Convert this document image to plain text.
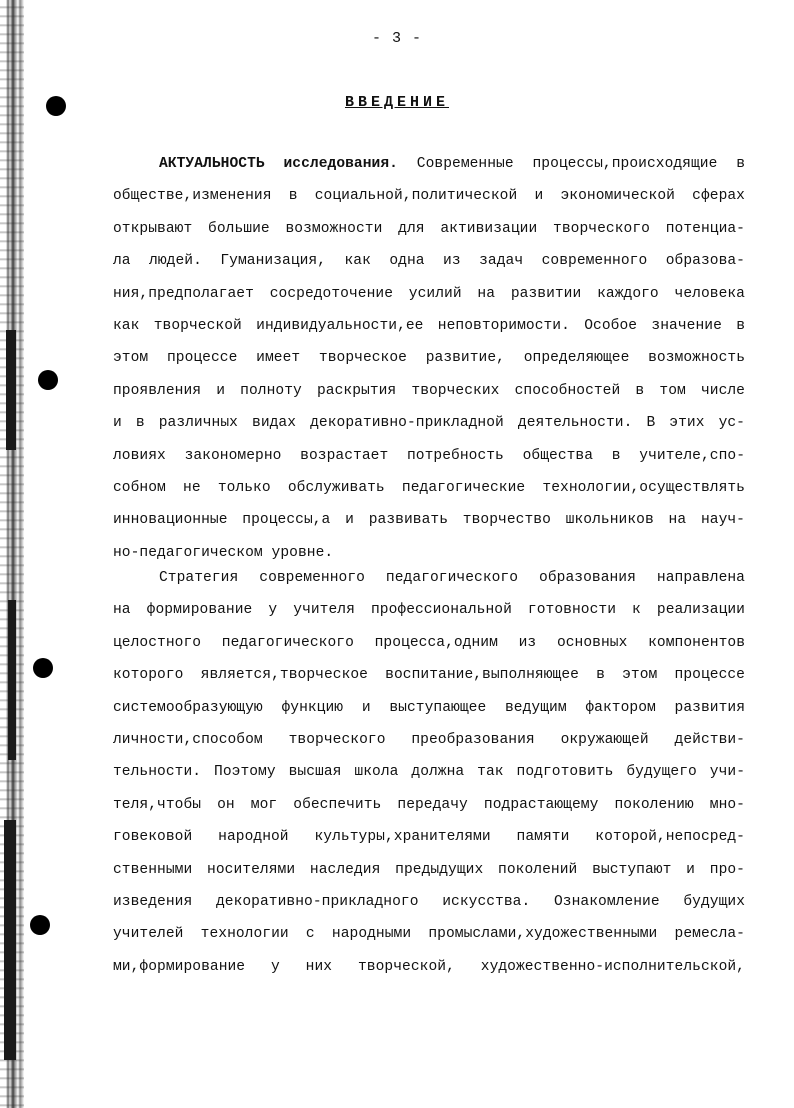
- 3 -
ВВЕДЕНИЕ
АКТУАЛЬНОСТЬ исследования. Современные процессы,происходящие в
обществе,изменения в социальной,политической и экономической сферах
открывают большие возможности для активизации творческого потенциа-
ла людей. Гуманизация, как одна из задач современного образова-
ния,предполагает сосредоточение усилий на развитии каждого человека
как творческой индивидуальности,ее неповторимости. Особое значение в
этом процессе имеет творческое развитие, определяющее возможность
проявления и полноту раскрытия творческих способностей в том числе
и в различных видах декоративно-прикладной деятельности. В этих ус-
ловиях закономерно возрастает потребность общества в учителе,спо-
собном не только обслуживать педагогические технологии,осуществлять
инновационные процессы,а и развивать творчество школьников на науч-
но-педагогическом уровне.
Стратегия современного педагогического образования направлена
на формирование у учителя профессиональной готовности к реализации
целостного педагогического процесса,одним из основных компонентов
которого является,творческое воспитание,выполняющее в этом процессе
системообразующую функцию и выступающее ведущим фактором развития
личности,способом творческого преобразования окружающей действи-
тельности. Поэтому высшая школа должна так подготовить будущего учи-
теля,чтобы он мог обеспечить передачу подрастающему поколению мно-
говековой народной культуры,хранителями памяти которой,непосред-
ственными носителями наследия предыдущих поколений выступают и про-
изведения декоративно-прикладного искусства. Ознакомление будущих
учителей технологии с народными промыслами,художественными ремесла-
ми,формирование у них творческой, художественно-исполнительской,
